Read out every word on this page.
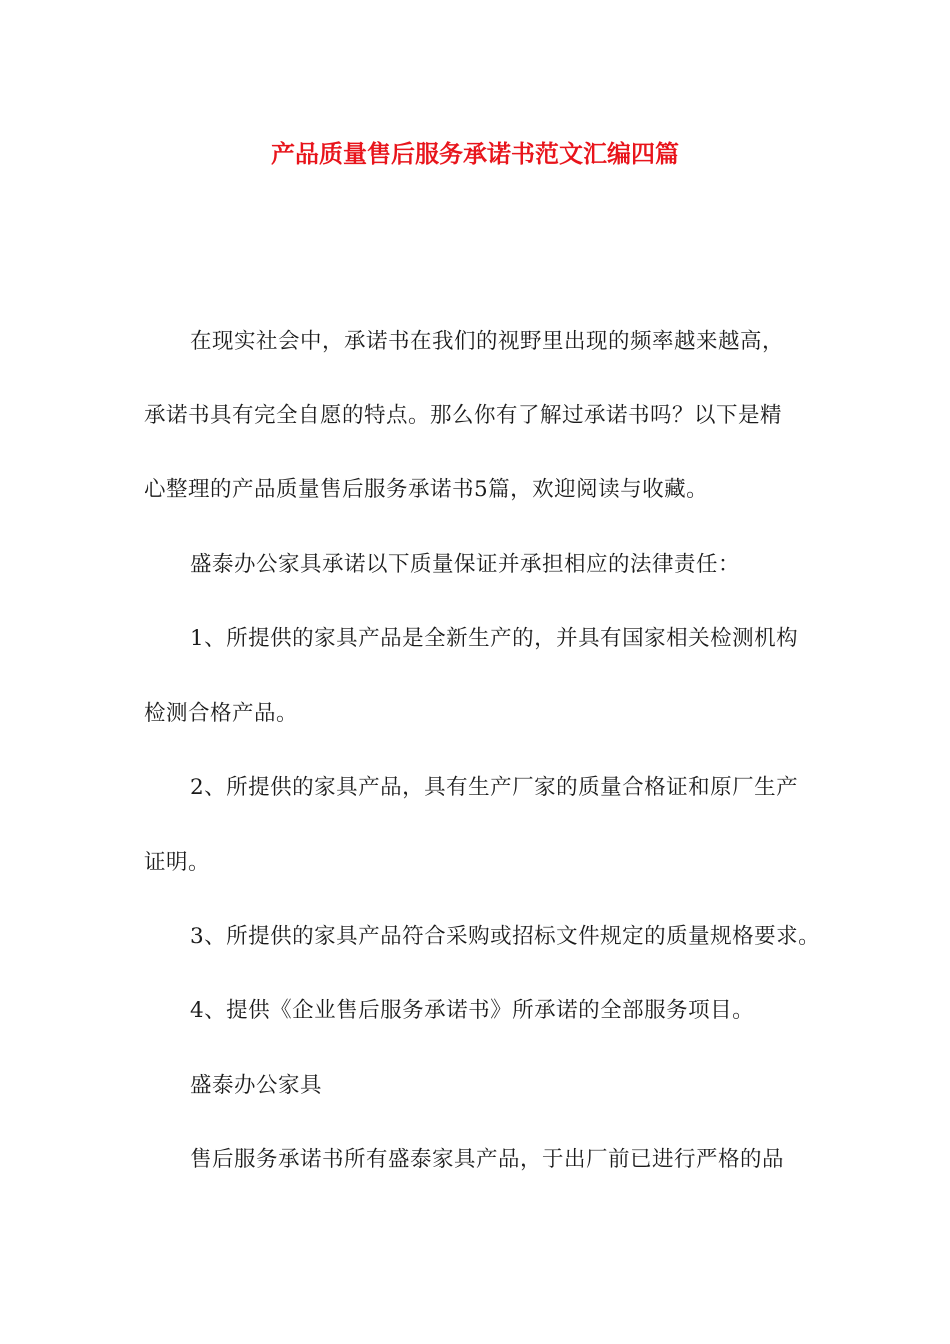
产品质量售后服务承诺书范文汇编四篇
在现实社会中，承诺书在我们的视野里出现的频率越来越高，
承诺书具有完全自愿的特点。那么你有了解过承诺书吗？以下是精
心整理的产品质量售后服务承诺书5篇，欢迎阅读与收藏。
盛泰办公家具承诺以下质量保证并承担相应的法律责任：
1、所提供的家具产品是全新生产的，并具有国家相关检测机构
检测合格产品。
2、所提供的家具产品，具有生产厂家的质量合格证和原厂生产
证明。
3、所提供的家具产品符合采购或招标文件规定的质量规格要求。
4、提供《企业售后服务承诺书》所承诺的全部服务项目。
盛泰办公家具
售后服务承诺书所有盛泰家具产品，于出厂前已进行严格的品
